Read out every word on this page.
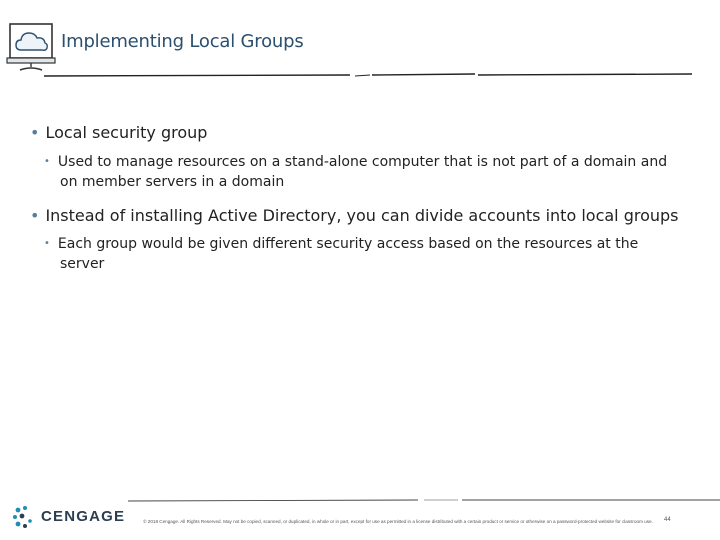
Implementing Local Groups
• Local security group
• Used to manage resources on a stand-alone computer that is not part of a domain and on member servers in a domain
• Instead of installing Active Directory, you can divide accounts into local groups
• Each group would be given different security access based on the resources at the server
CENGAGE	© 2018 Cengage. All Rights Reserved. May not be copied, scanned, or duplicated, in whole or in part, except for use as permitted in a license distributed with a certain product or service or otherwise on a password-protected website for classroom use.	44
